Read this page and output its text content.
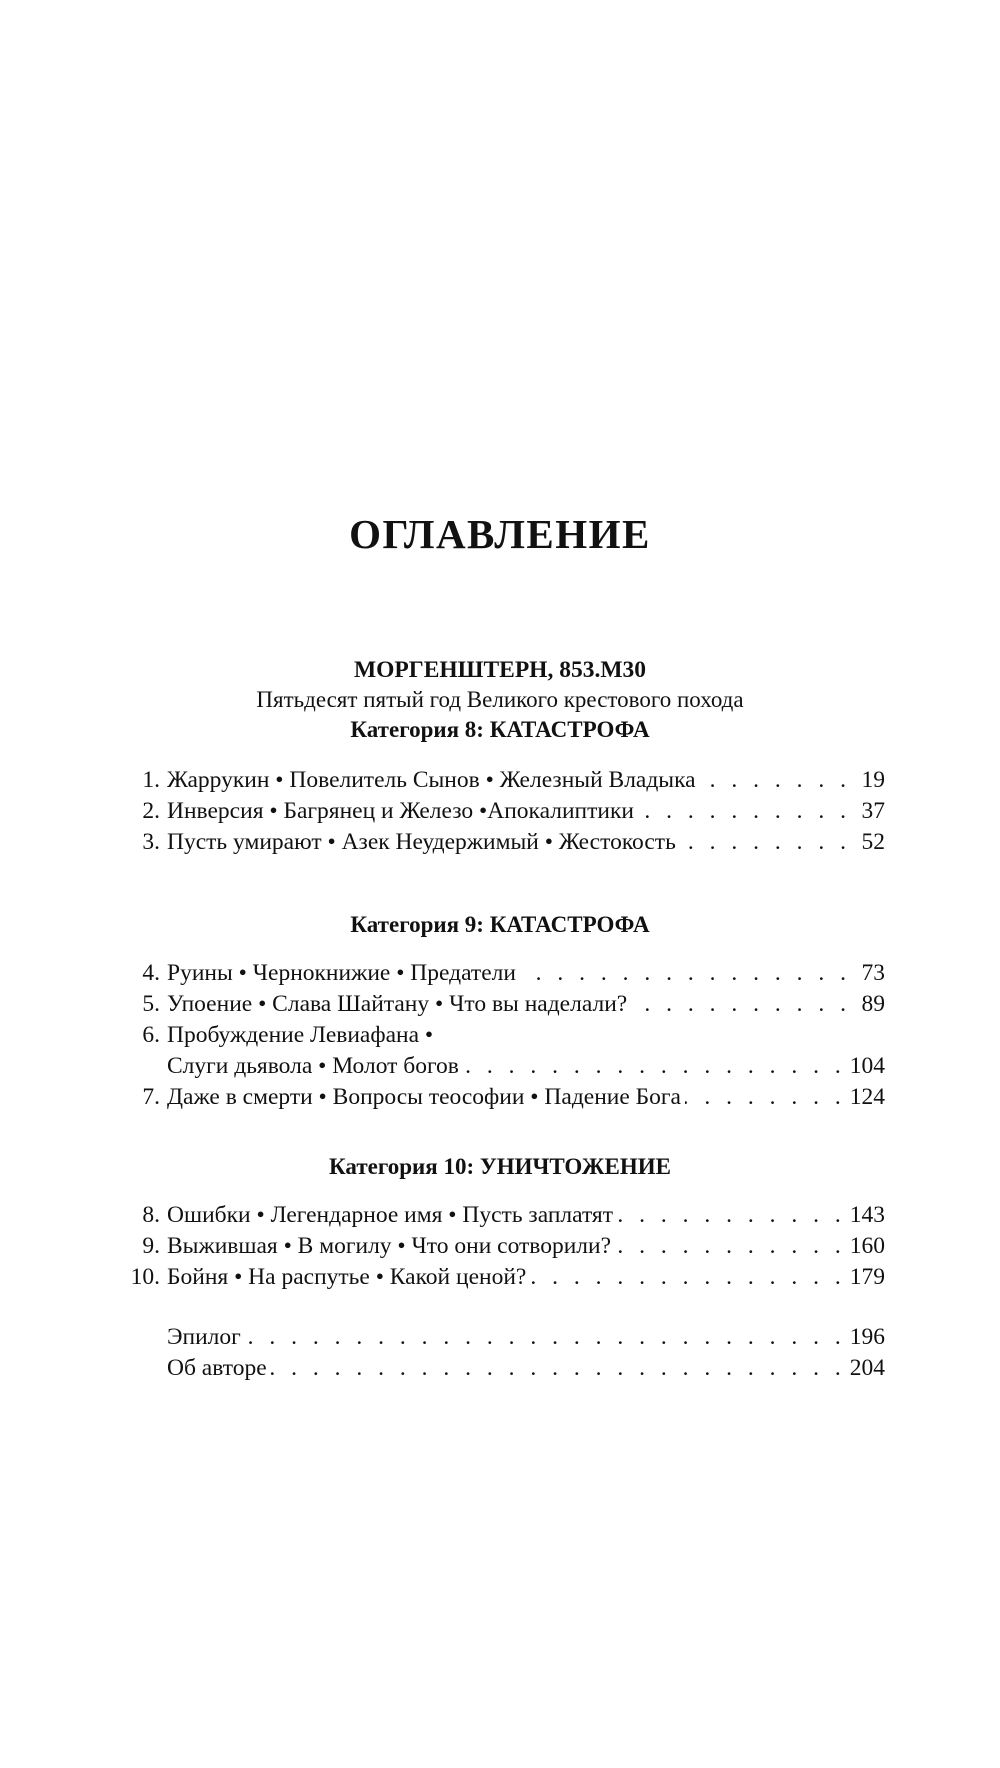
ОГЛАВЛЕНИЕ
МОРГЕНШТЕРН, 853.М30
Пятьдесят пятый год Великого крестового похода
Категория 8: КАТАСТРОФА
1. Жаррукин • Повелитель Сынов • Железный Владыка . . .	19
2. Инверсия • Багрянец и Железо •Апокалиптики . . .	37
3. Пусть умирают • Азек Неудержимый • Жестокость . . .	52
Категория 9: КАТАСТРОФА
4. Руины • Чернокнижие • Предатели . . .	73
5. Упоение • Слава Шайтану • Что вы наделали? . . .	89
6. Пробуждение Левиафана •
Слуги дьявола • Молот богов . . .	104
7. Даже в смерти • Вопросы теософии • Падение Бога . . .	124
Категория 10: УНИЧТОЖЕНИЕ
8. Ошибки • Легендарное имя • Пусть заплатят . . .	143
9. Выжившая • В могилу • Что они сотворили? . . .	160
10. Бойня • На распутье • Какой ценой? . . .	179
Эпилог . . .	196
Об авторе . . .	204
